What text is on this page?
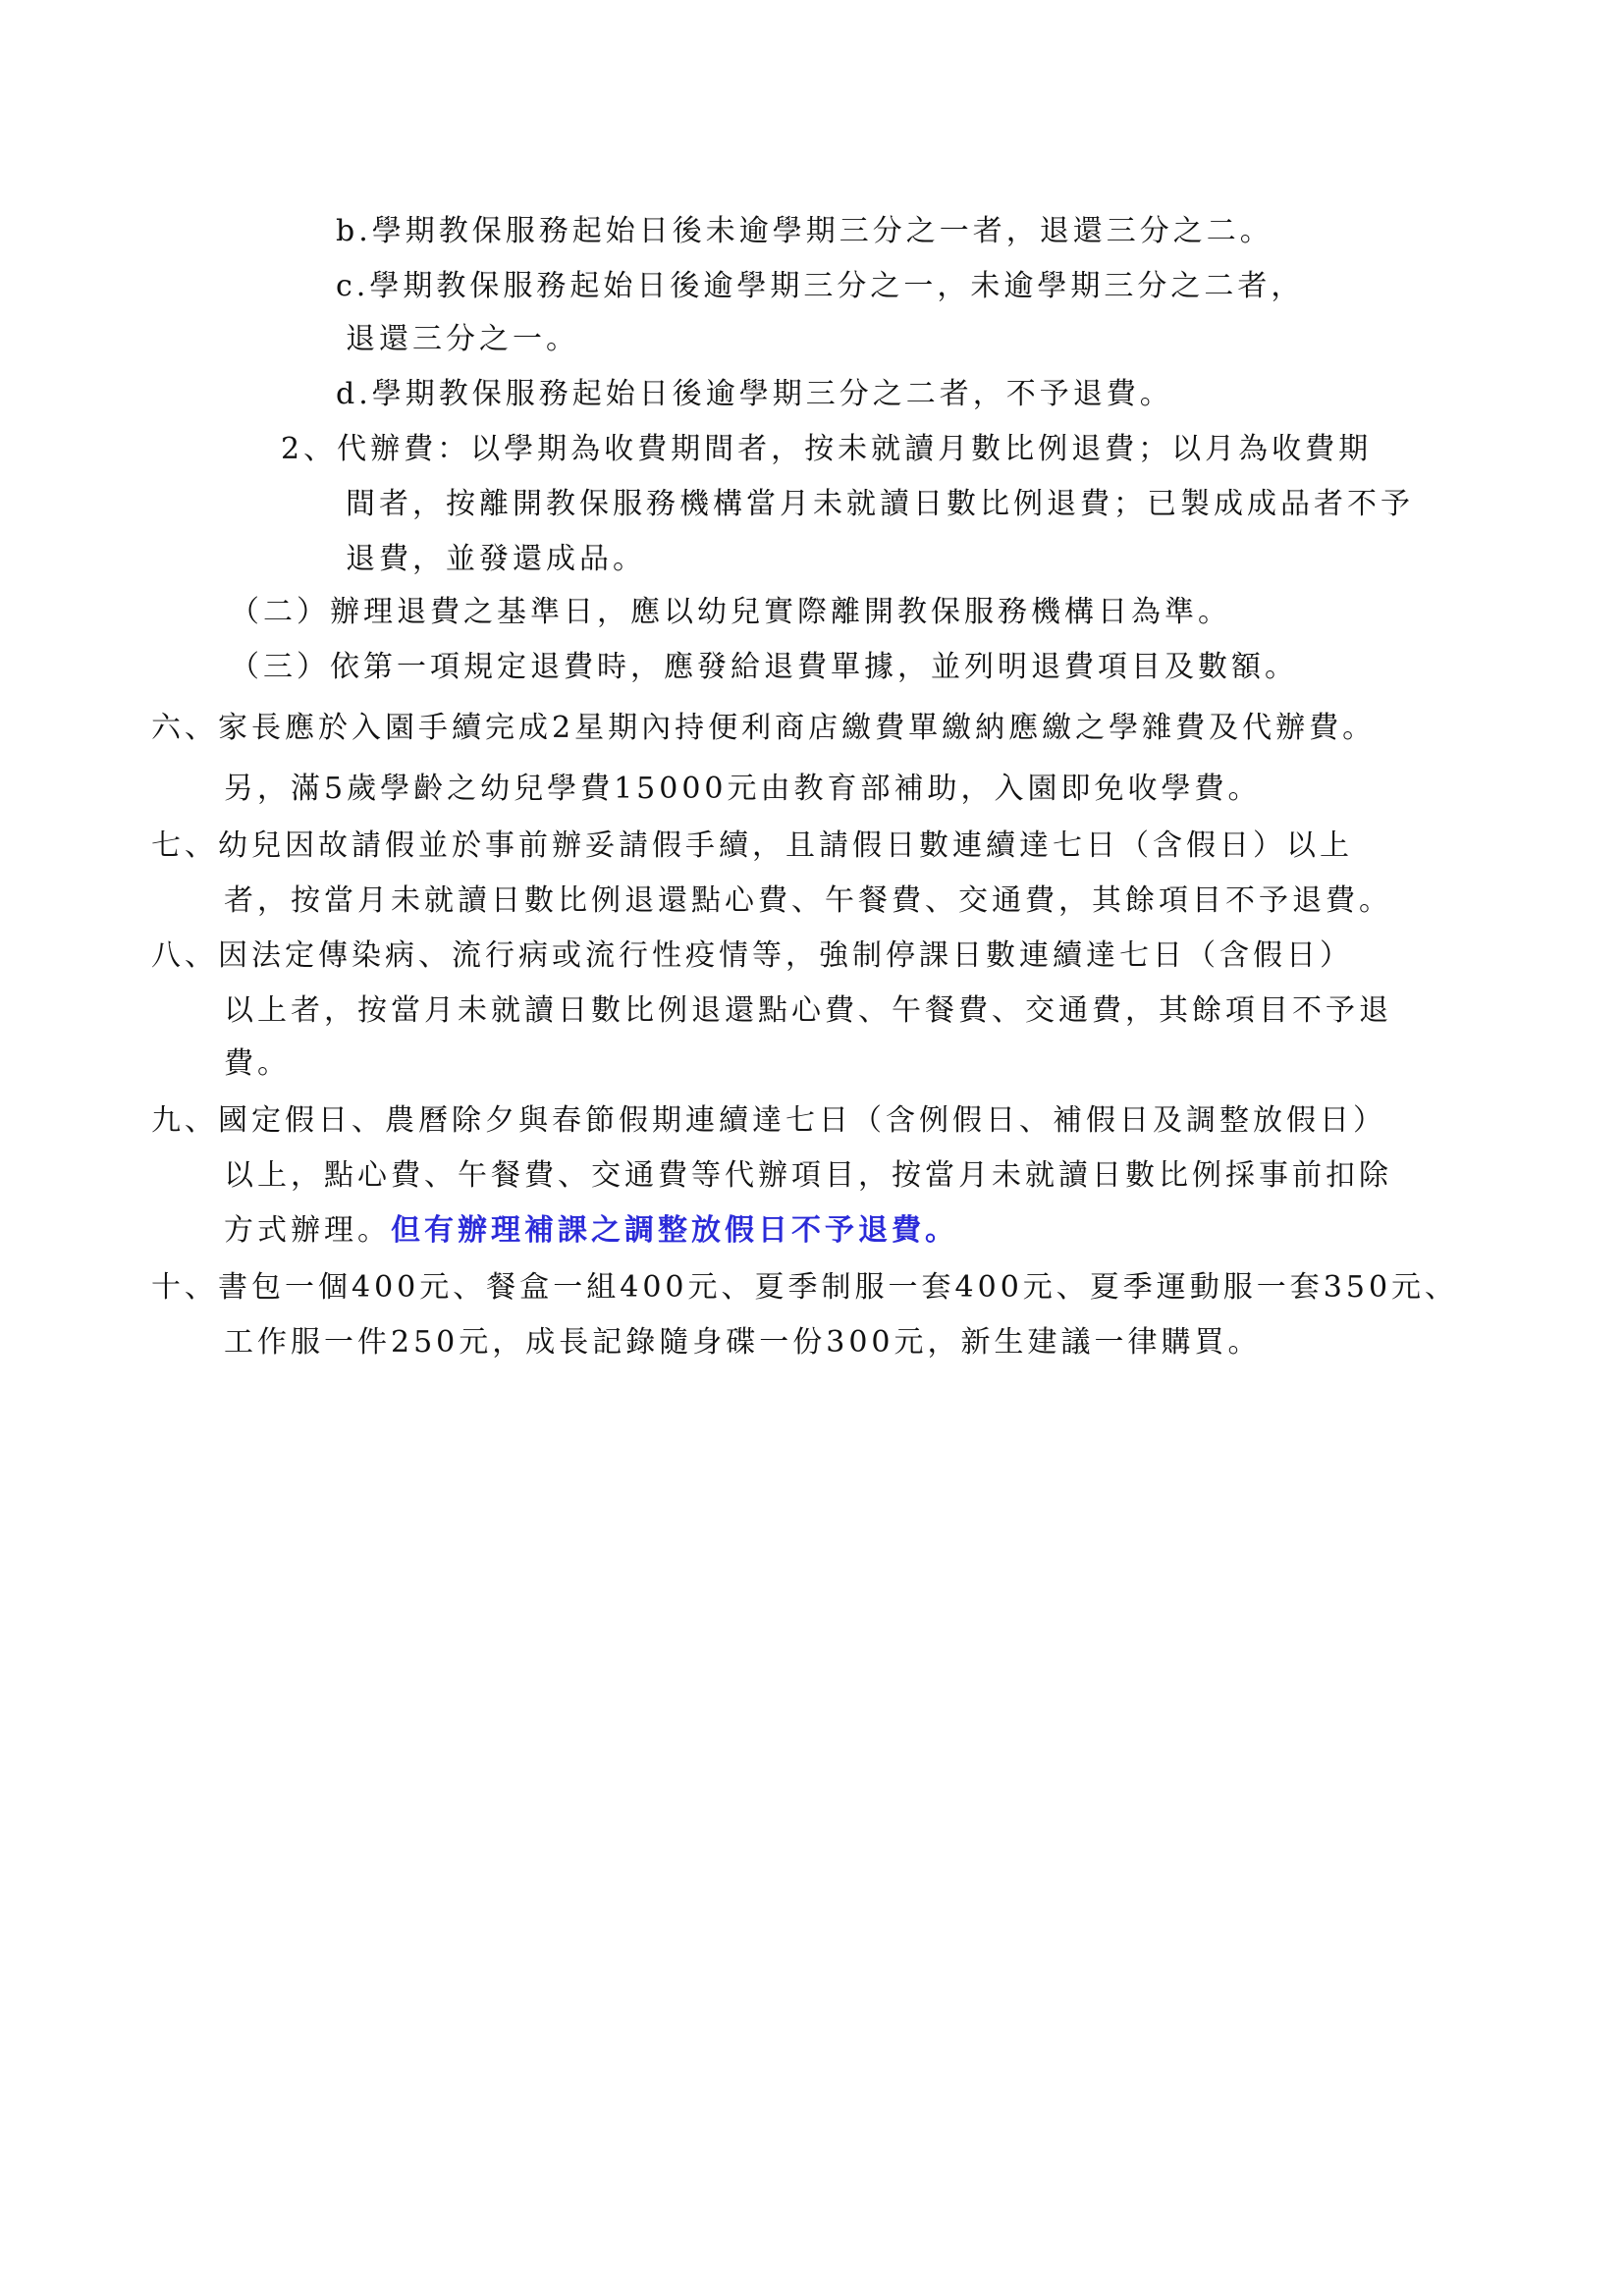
b.學期教保服務起始日後未逾學期三分之一者，退還三分之二。
c.學期教保服務起始日後逾學期三分之一，未逾學期三分之二者，
退還三分之一。
d.學期教保服務起始日後逾學期三分之二者，不予退費。
2、代辦費：以學期為收費期間者，按未就讀月數比例退費；以月為收費期
間者，按離開教保服務機構當月未就讀日數比例退費；已製成成品者不予
退費，並發還成品。
（二）辦理退費之基準日，應以幼兒實際離開教保服務機構日為準。
（三）依第一項規定退費時，應發給退費單據，並列明退費項目及數額。
六、家長應於入園手續完成2星期內持便利商店繳費單繳納應繳之學雜費及代辦費。
另，滿5歲學齡之幼兒學費15000元由教育部補助，入園即免收學費。
七、幼兒因故請假並於事前辦妥請假手續，且請假日數連續達七日（含假日）以上
者，按當月未就讀日數比例退還點心費、午餐費、交通費，其餘項目不予退費。
八、因法定傳染病、流行病或流行性疫情等，強制停課日數連續達七日（含假日）
以上者，按當月未就讀日數比例退還點心費、午餐費、交通費，其餘項目不予退
費。
九、國定假日、農曆除夕與春節假期連續達七日（含例假日、補假日及調整放假日）
以上，點心費、午餐費、交通費等代辦項目，按當月未就讀日數比例採事前扣除
方式辦理。但有辦理補課之調整放假日不予退費。
十、書包一個400元、餐盒一組400元、夏季制服一套400元、夏季運動服一套350元、
工作服一件250元，成長記錄隨身碟一份300元，新生建議一律購買。
